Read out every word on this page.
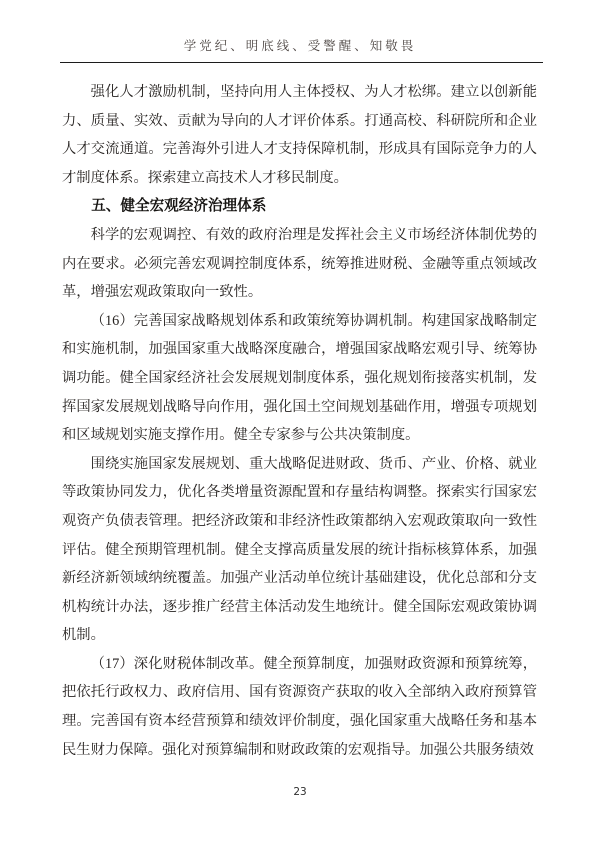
学党纪、明底线、受警醒、知敬畏

强化人才激励机制，坚持向用人主体授权、为人才松绑。建立以创新能力、质量、实效、贡献为导向的人才评价体系。打通高校、科研院所和企业人才交流通道。完善海外引进人才支持保障机制，形成具有国际竞争力的人才制度体系。探索建立高技术人才移民制度。

五、健全宏观经济治理体系

科学的宏观调控、有效的政府治理是发挥社会主义市场经济体制优势的内在要求。必须完善宏观调控制度体系，统筹推进财税、金融等重点领域改革，增强宏观政策取向一致性。

（16）完善国家战略规划体系和政策统筹协调机制。构建国家战略制定和实施机制，加强国家重大战略深度融合，增强国家战略宏观引导、统筹协调功能。健全国家经济社会发展规划制度体系，强化规划衔接落实机制，发挥国家发展规划战略导向作用，强化国土空间规划基础作用，增强专项规划和区域规划实施支撑作用。健全专家参与公共决策制度。

围绕实施国家发展规划、重大战略促进财政、货币、产业、价格、就业等政策协同发力，优化各类增量资源配置和存量结构调整。探索实行国家宏观资产负债表管理。把经济政策和非经济性政策都纳入宏观政策取向一致性评估。健全预期管理机制。健全支撑高质量发展的统计指标核算体系，加强新经济新领域纳统覆盖。加强产业活动单位统计基础建设，优化总部和分支机构统计办法，逐步推广经营主体活动发生地统计。健全国际宏观政策协调机制。

（17）深化财税体制改革。健全预算制度，加强财政资源和预算统筹，把依托行政权力、政府信用、国有资源资产获取的收入全部纳入政府预算管理。完善国有资本经营预算和绩效评价制度，强化国家重大战略任务和基本民生财力保障。强化对预算编制和财政政策的宏观指导。加强公共服务绩效

23
